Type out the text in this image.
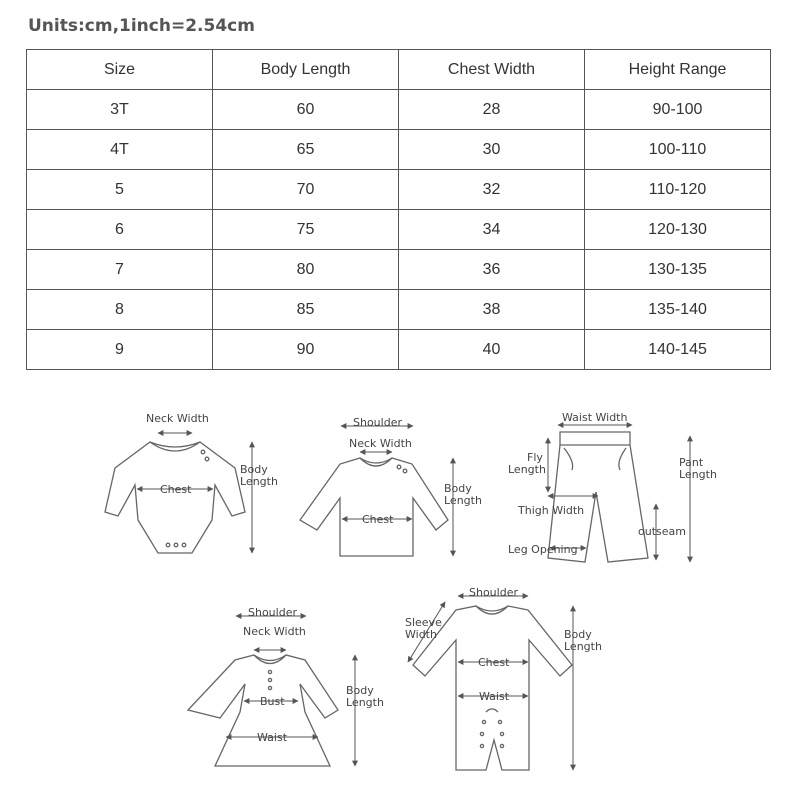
Units:cm,1inch=2.54cm
Size	Body Length	Chest Width	Height Range
3T	60	28	90-100
4T	65	30	100-110
5	70	32	110-120
6	75	34	120-130
7	80	36	130-135
8	85	38	135-140
9	90	40	140-145
Neck Width
Chest
Body
Length
Shoulder
Neck Width
Chest
Body
Length
Waist Width
Fly
Length
Thigh Width
Leg Opening
Pant
Length
outseam
Shoulder
Neck Width
Bust
Waist
Body
Length
Shoulder
Sleeve
Width
Chest
Waist
Body
Length
